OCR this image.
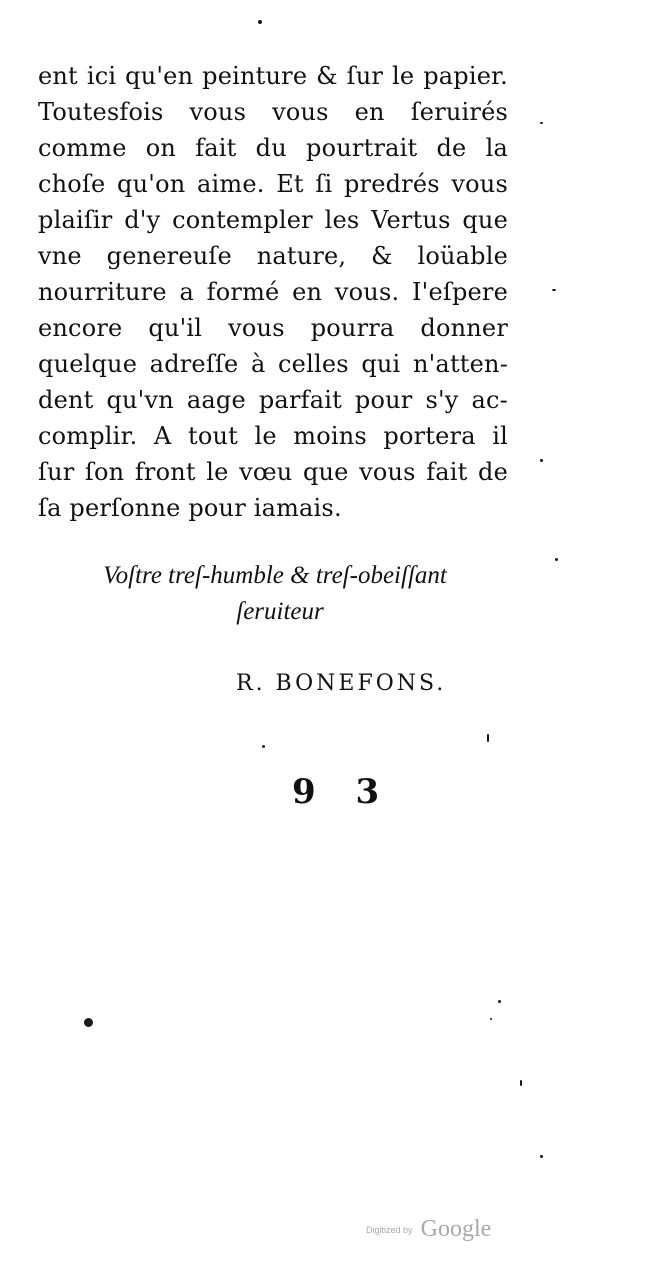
ent ici qu'en peinture & ſur le papier.
Toutesfois vous vous en ſeruirés
comme on fait du pourtrait de la
choſe qu'on aime. Et ſi predrés vous
plaiſir d'y contempler les Vertus que
vne genereuſe nature, & loüable
nourriture a formé en vous. I'eſpere
encore qu'il vous pourra donner
quelque adreſſe à celles qui n'atten-
dent qu'vn aage parfait pour s'y ac-
complir. A tout le moins portera il
ſur ſon front le vœu que vous fait de
ſa perſonne pour iamais.
Voſtre treſ-humble & treſ-obeiſſant
ſeruiteur
R. BONEFONS.
9 3
Digitized by Google
